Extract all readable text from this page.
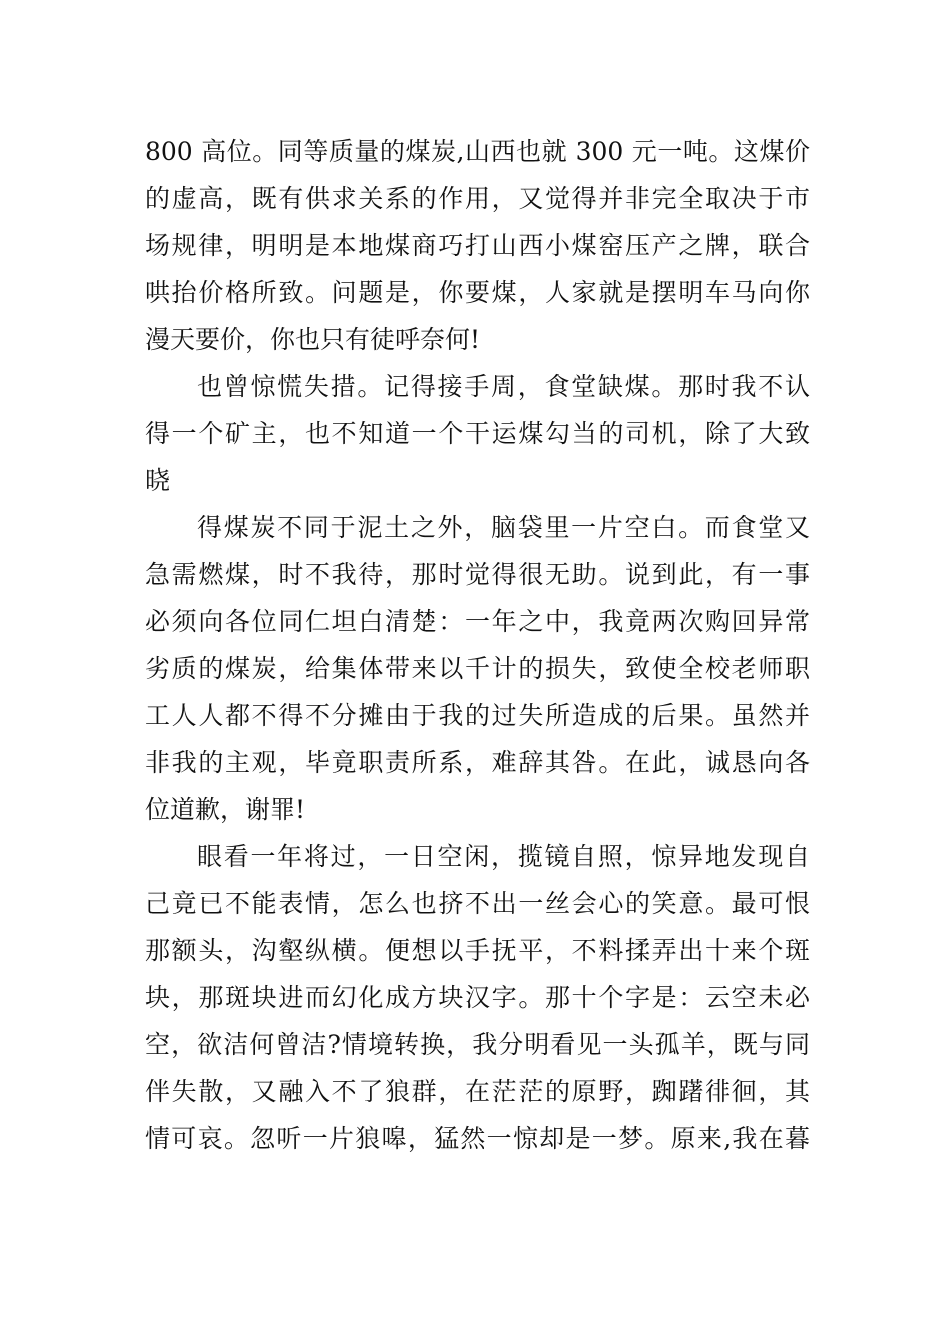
800 高位。同等质量的煤炭,山西也就 300 元一吨。这煤价
的虚高，既有供求关系的作用，又觉得并非完全取决于市
场规律，明明是本地煤商巧打山西小煤窑压产之牌，联合
哄抬价格所致。问题是，你要煤，人家就是摆明车马向你
漫天要价，你也只有徒呼奈何!
也曾惊慌失措。记得接手周，食堂缺煤。那时我不认
得一个矿主，也不知道一个干运煤勾当的司机，除了大致
晓
得煤炭不同于泥土之外，脑袋里一片空白。而食堂又
急需燃煤，时不我待，那时觉得很无助。说到此，有一事
必须向各位同仁坦白清楚：一年之中，我竟两次购回异常
劣质的煤炭，给集体带来以千计的损失，致使全校老师职
工人人都不得不分摊由于我的过失所造成的后果。虽然并
非我的主观，毕竟职责所系，难辞其咎。在此，诚恳向各
位道歉，谢罪!
眼看一年将过，一日空闲，揽镜自照，惊异地发现自
己竟已不能表情，怎么也挤不出一丝会心的笑意。最可恨
那额头，沟壑纵横。便想以手抚平，不料揉弄出十来个斑
块，那斑块进而幻化成方块汉字。那十个字是：云空未必
空，欲洁何曾洁?情境转换，我分明看见一头孤羊，既与同
伴失散，又融入不了狼群，在茫茫的原野，踟躇徘徊，其
情可哀。忽听一片狼嗥，猛然一惊却是一梦。原来,我在暮
